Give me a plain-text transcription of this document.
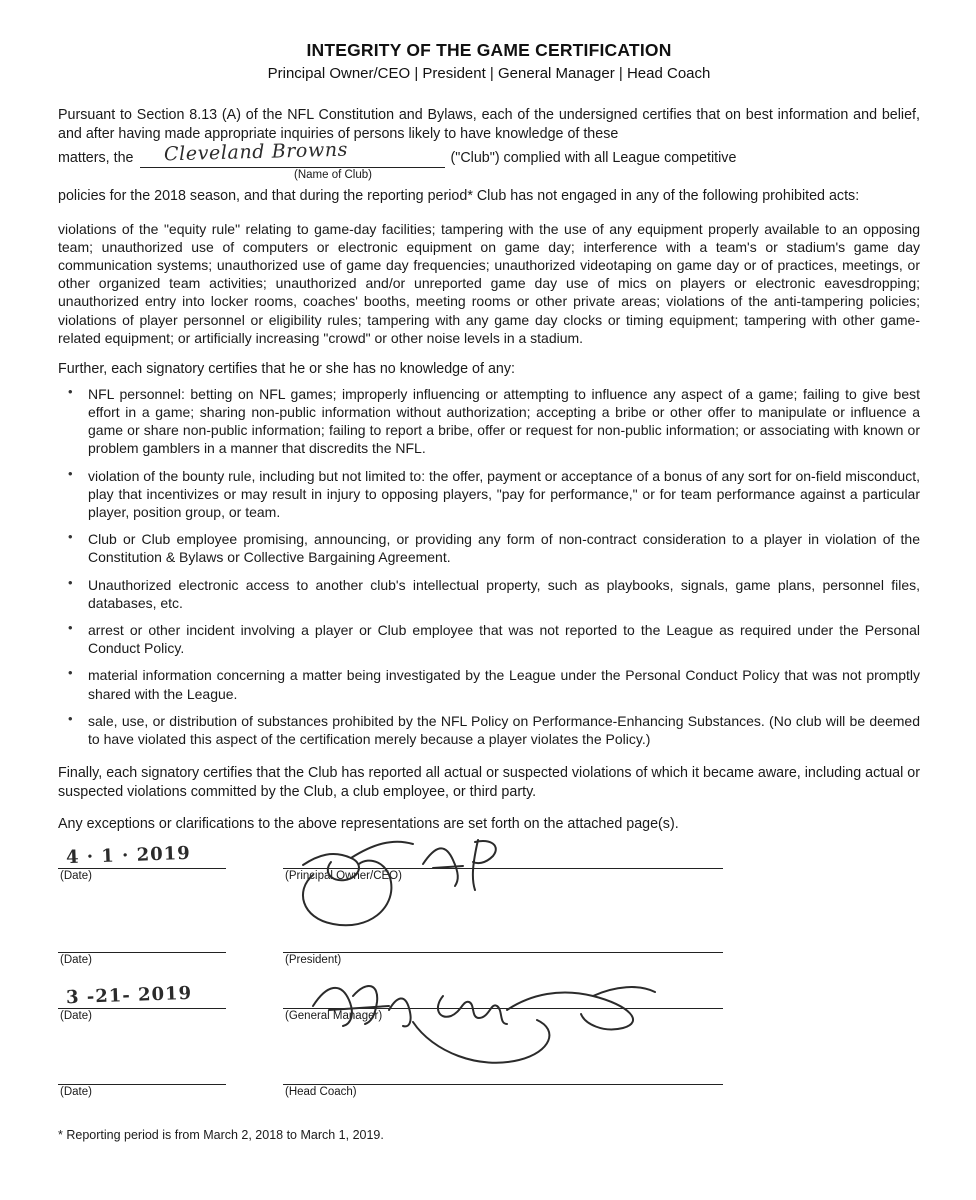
INTEGRITY OF THE GAME CERTIFICATION
Principal Owner/CEO | President | General Manager | Head Coach
Pursuant to Section 8.13 (A) of the NFL Constitution and Bylaws, each of the undersigned certifies that on best information and belief, and after having made appropriate inquiries of persons likely to have knowledge of these
matters, the Cleveland Browns	("Club") complied with all League competitive
(Name of Club)

policies for the 2018 season, and that during the reporting period* Club has not engaged in any of the following prohibited acts:

violations of the "equity rule" relating to game-day facilities; tampering with the use of any equipment properly available to an opposing team; unauthorized use of computers or electronic equipment on game day; interference with a team's or stadium's game day communication systems; unauthorized use of game day frequencies; unauthorized videotaping on game day or of practices, meetings, or other organized team activities; unauthorized and/or unreported game day use of mics on players or electronic eavesdropping; unauthorized entry into locker rooms, coaches' booths, meeting rooms or other private areas; violations of the anti-tampering policies; violations of player personnel or eligibility rules; tampering with any game day clocks or timing equipment; tampering with other game-related equipment; or artificially increasing "crowd" or other noise levels in a stadium.

Further, each signatory certifies that he or she has no knowledge of any:
• NFL personnel: betting on NFL games; improperly influencing or attempting to influence any aspect of a game; failing to give best effort in a game; sharing non-public information without authorization; accepting a bribe or other offer to manipulate or influence a game or share non-public information; failing to report a bribe, offer or request for non-public information; or associating with known or problem gamblers in a manner that discredits the NFL.
• violation of the bounty rule, including but not limited to: the offer, payment or acceptance of a bonus of any sort for on-field misconduct, play that incentivizes or may result in injury to opposing players, "pay for performance," or for team performance against a particular player, position group, or team.
• Club or Club employee promising, announcing, or providing any form of non-contract consideration to a player in violation of the Constitution & Bylaws or Collective Bargaining Agreement.
• Unauthorized electronic access to another club's intellectual property, such as playbooks, signals, game plans, personnel files, databases, etc.
• arrest or other incident involving a player or Club employee that was not reported to the League as required under the Personal Conduct Policy.
• material information concerning a matter being investigated by the League under the Personal Conduct Policy that was not promptly shared with the League.
• sale, use, or distribution of substances prohibited by the NFL Policy on Performance-Enhancing Substances. (No club will be deemed to have violated this aspect of the certification merely because a player violates the Policy.)

Finally, each signatory certifies that the Club has reported all actual or suspected violations of which it became aware, including actual or suspected violations committed by the Club, a club employee, or third party.

Any exceptions or clarifications to the above representations are set forth on the attached page(s).
4 · 1 · 2019
(Date)	(Principal Owner/CEO)
(Date)	(President)
3 -21- 2019
(Date)	(General Manager)
(Date)	(Head Coach)
* Reporting period is from March 2, 2018 to March 1, 2019.
